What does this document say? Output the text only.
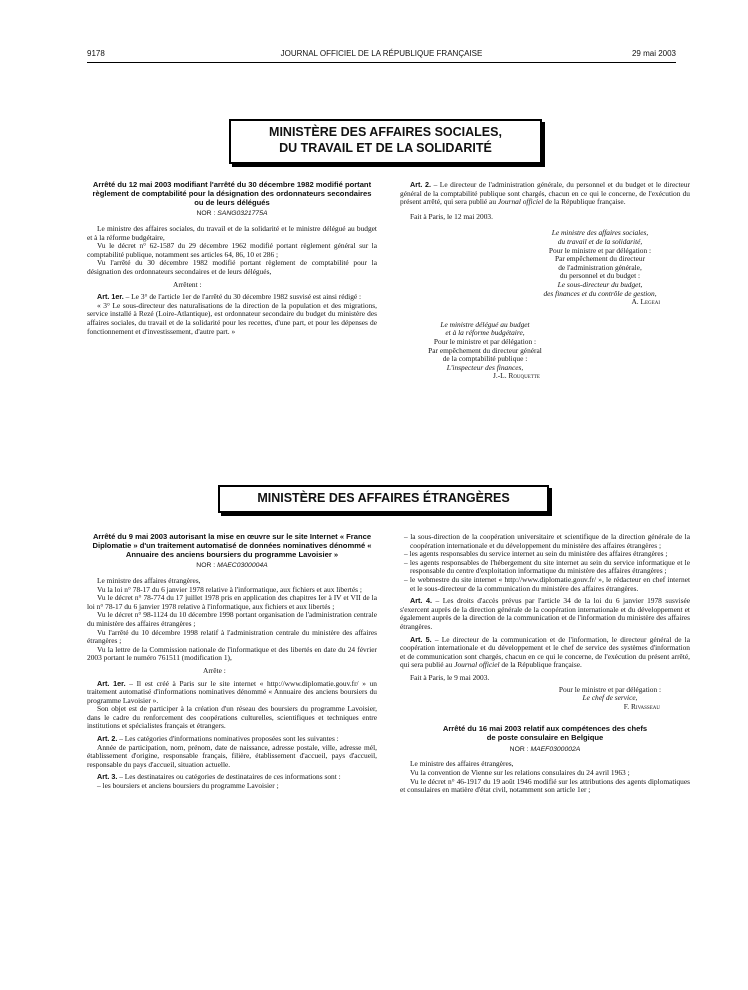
9178	JOURNAL OFFICIEL DE LA RÉPUBLIQUE FRANÇAISE	29 mai 2003
MINISTÈRE DES AFFAIRES SOCIALES,
DU TRAVAIL ET DE LA SOLIDARITÉ
Arrêté du 12 mai 2003 modifiant l'arrêté du 30 décembre 1982 modifié portant règlement de comptabilité pour la désignation des ordonnateurs secondaires ou de leurs délégués
NOR : SANG0321775A

Le ministre des affaires sociales, du travail et de la solidarité et le ministre délégué au budget et à la réforme budgétaire,

Vu le décret n° 62-1587 du 29 décembre 1962 modifié portant règlement général sur la comptabilité publique, notamment ses articles 64, 86, 10 et 286 ;

Vu l'arrêté du 30 décembre 1982 modifié portant règlement de comptabilité pour la désignation des ordonnateurs secondaires et de leurs délégués,

Arrêtent :

Art. 1er. – Le 3° de l'article 1er de l'arrêté du 30 décembre 1982 susvisé est ainsi rédigé :

« 3° Le sous-directeur des naturalisations de la direction de la population et des migrations, service installé à Rezé (Loire-Atlantique), est ordonnateur secondaire du budget du ministère des affaires sociales, du travail et de la solidarité pour les recettes, d'une part, et pour les dépenses de fonctionnement et d'investissement, d'autre part. »

Art. 2. – Le directeur de l'administration générale, du personnel et du budget et le directeur général de la comptabilité publique sont chargés, chacun en ce qui le concerne, de l'exécution du présent arrêté, qui sera publié au Journal officiel de la République française.

Fait à Paris, le 12 mai 2003.

Le ministre des affaires sociales,
du travail et de la solidarité,
Pour le ministre et par délégation :
Par empêchement du directeur
de l'administration générale,
du personnel et du budget :
Le sous-directeur du budget,
des finances et du contrôle de gestion,
A. Legeai
Le ministre délégué au budget
et à la réforme budgétaire,
Pour le ministre et par délégation :
Par empêchement du directeur général
de la comptabilité publique :
L'inspecteur des finances,
J.-L. Rouquette
MINISTÈRE DES AFFAIRES ÉTRANGÈRES
Arrêté du 9 mai 2003 autorisant la mise en œuvre sur le site Internet « France Diplomatie » d'un traitement automatisé de données nominatives dénommé « Annuaire des anciens boursiers du programme Lavoisier »
NOR : MAEC0300004A

Le ministre des affaires étrangères,

Vu la loi n° 78-17 du 6 janvier 1978 relative à l'informatique, aux fichiers et aux libertés ;

Vu le décret n° 78-774 du 17 juillet 1978 pris en application des chapitres Ier à IV et VII de la loi n° 78-17 du 6 janvier 1978 relative à l'informatique, aux fichiers et aux libertés ;

Vu le décret n° 98-1124 du 10 décembre 1998 portant organisation de l'administration centrale du ministère des affaires étrangères ;

Vu l'arrêté du 10 décembre 1998 relatif à l'administration centrale du ministère des affaires étrangères ;

Vu la lettre de la Commission nationale de l'informatique et des libertés en date du 24 février 2003 portant le numéro 761511 (modification 1),

Arrête :

Art. 1er. – Il est créé à Paris sur le site internet « http://www.diplomatie.gouv.fr/ » un traitement automatisé d'informations nominatives dénommé « Annuaire des anciens boursiers du programme Lavoisier ».

Son objet est de participer à la création d'un réseau des boursiers du programme Lavoisier, dans le cadre du renforcement des coopérations culturelles, scientifiques et techniques entre institutions et spécialistes français et étrangers.

Art. 2. – Les catégories d'informations nominatives proposées sont les suivantes :

Année de participation, nom, prénom, date de naissance, adresse postale, ville, adresse mél, établissement d'origine, responsable français, filière, établissement d'accueil, pays d'accueil, responsable du pays d'accueil, situation actuelle.

Art. 3. – Les destinataires ou catégories de destinataires de ces informations sont :

– les boursiers et anciens boursiers du programme Lavoisier ;

– la sous-direction de la coopération universitaire et scientifique de la direction générale de la coopération internationale et du développement du ministère des affaires étrangères ;
– les agents responsables du service internet au sein du ministère des affaires étrangères ;
– les agents responsables de l'hébergement du site internet au sein du service informatique et le responsable du centre d'exploitation informatique du ministère des affaires étrangères ;
– le webmestre du site internet « http://www.diplomatie.gouv.fr/ », le rédacteur en chef internet et le sous-directeur de la communication du ministère des affaires étrangères.

Art. 4. – Les droits d'accès prévus par l'article 34 de la loi du 6 janvier 1978 susvisée s'exercent auprès de la direction générale de la coopération internationale et du développement et également auprès de la direction de la communication et de l'information du ministère des affaires étrangères.

Art. 5. – Le directeur de la communication et de l'information, le directeur général de la coopération internationale et du développement et le chef de service des systèmes d'information et de communication sont chargés, chacun en ce qui le concerne, de l'exécution du présent arrêté, qui sera publié au Journal officiel de la République française.

Fait à Paris, le 9 mai 2003.

Pour le ministre et par délégation :
Le chef de service,
F. Rivasseau
Arrêté du 16 mai 2003 relatif aux compétences des chefs de poste consulaire en Belgique
NOR : MAEF0300002A

Le ministre des affaires étrangères,

Vu la convention de Vienne sur les relations consulaires du 24 avril 1963 ;

Vu le décret n° 46-1917 du 19 août 1946 modifié sur les attributions des agents diplomatiques et consulaires en matière d'état civil, notamment son article 1er ;
